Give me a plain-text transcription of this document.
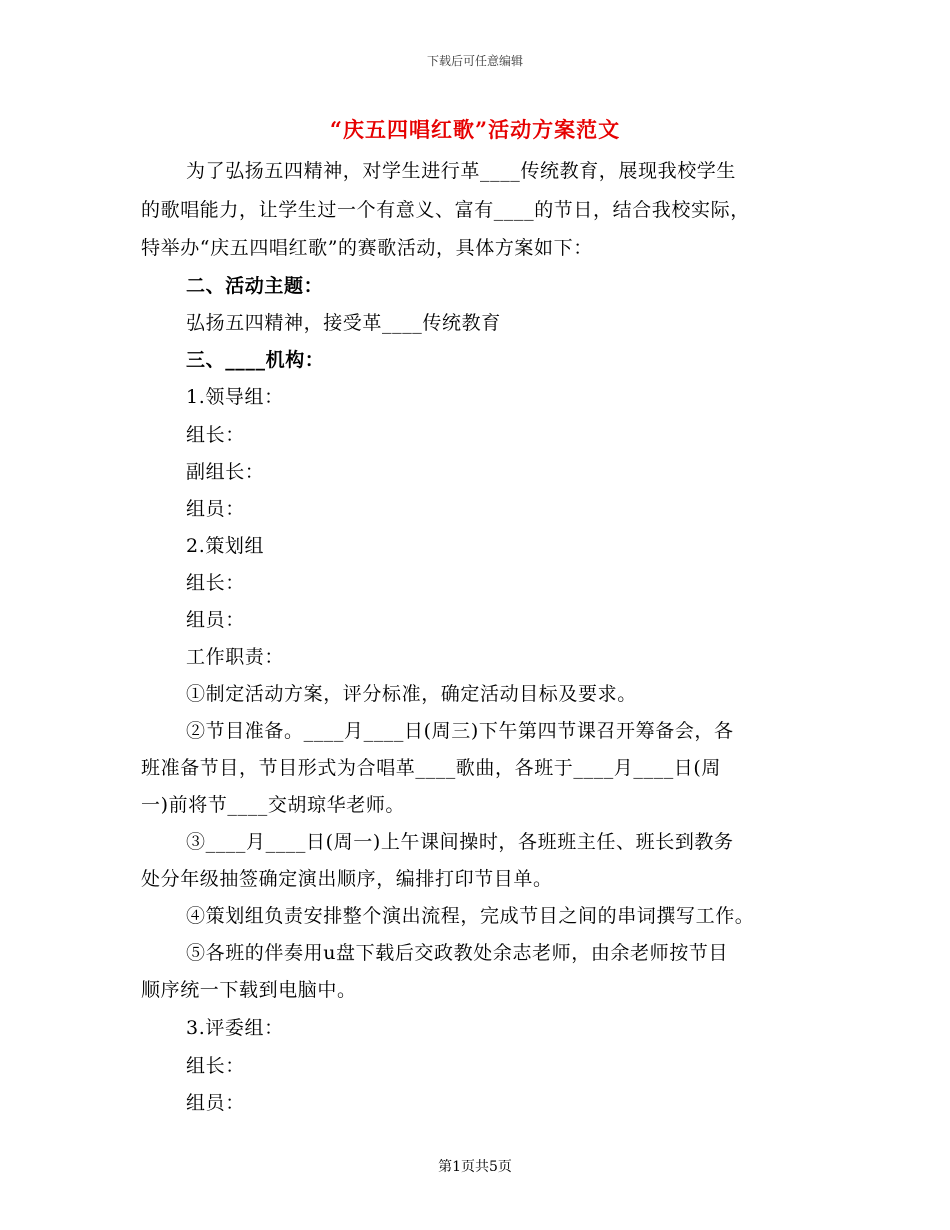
下载后可任意编辑
“庆五四唱红歌”活动方案范文
为了弘扬五四精神，对学生进行革____传统教育，展现我校学生
的歌唱能力，让学生过一个有意义、富有____的节日，结合我校实际，
特举办“庆五四唱红歌”的赛歌活动，具体方案如下：
二、活动主题：
弘扬五四精神，接受革____传统教育
三、____机构：
1.领导组：
组长：
副组长：
组员：
2.策划组
组长：
组员：
工作职责：
①制定活动方案，评分标准，确定活动目标及要求。
②节目准备。____月____日(周三)下午第四节课召开筹备会，各
班准备节目，节目形式为合唱革____歌曲，各班于____月____日(周
一)前将节____交胡琼华老师。
③____月____日(周一)上午课间操时，各班班主任、班长到教务
处分年级抽签确定演出顺序，编排打印节目单。
④策划组负责安排整个演出流程，完成节目之间的串词撰写工作。
⑤各班的伴奏用u盘下载后交政教处余志老师，由余老师按节目
顺序统一下载到电脑中。
3.评委组：
组长：
组员：
第1页共5页
